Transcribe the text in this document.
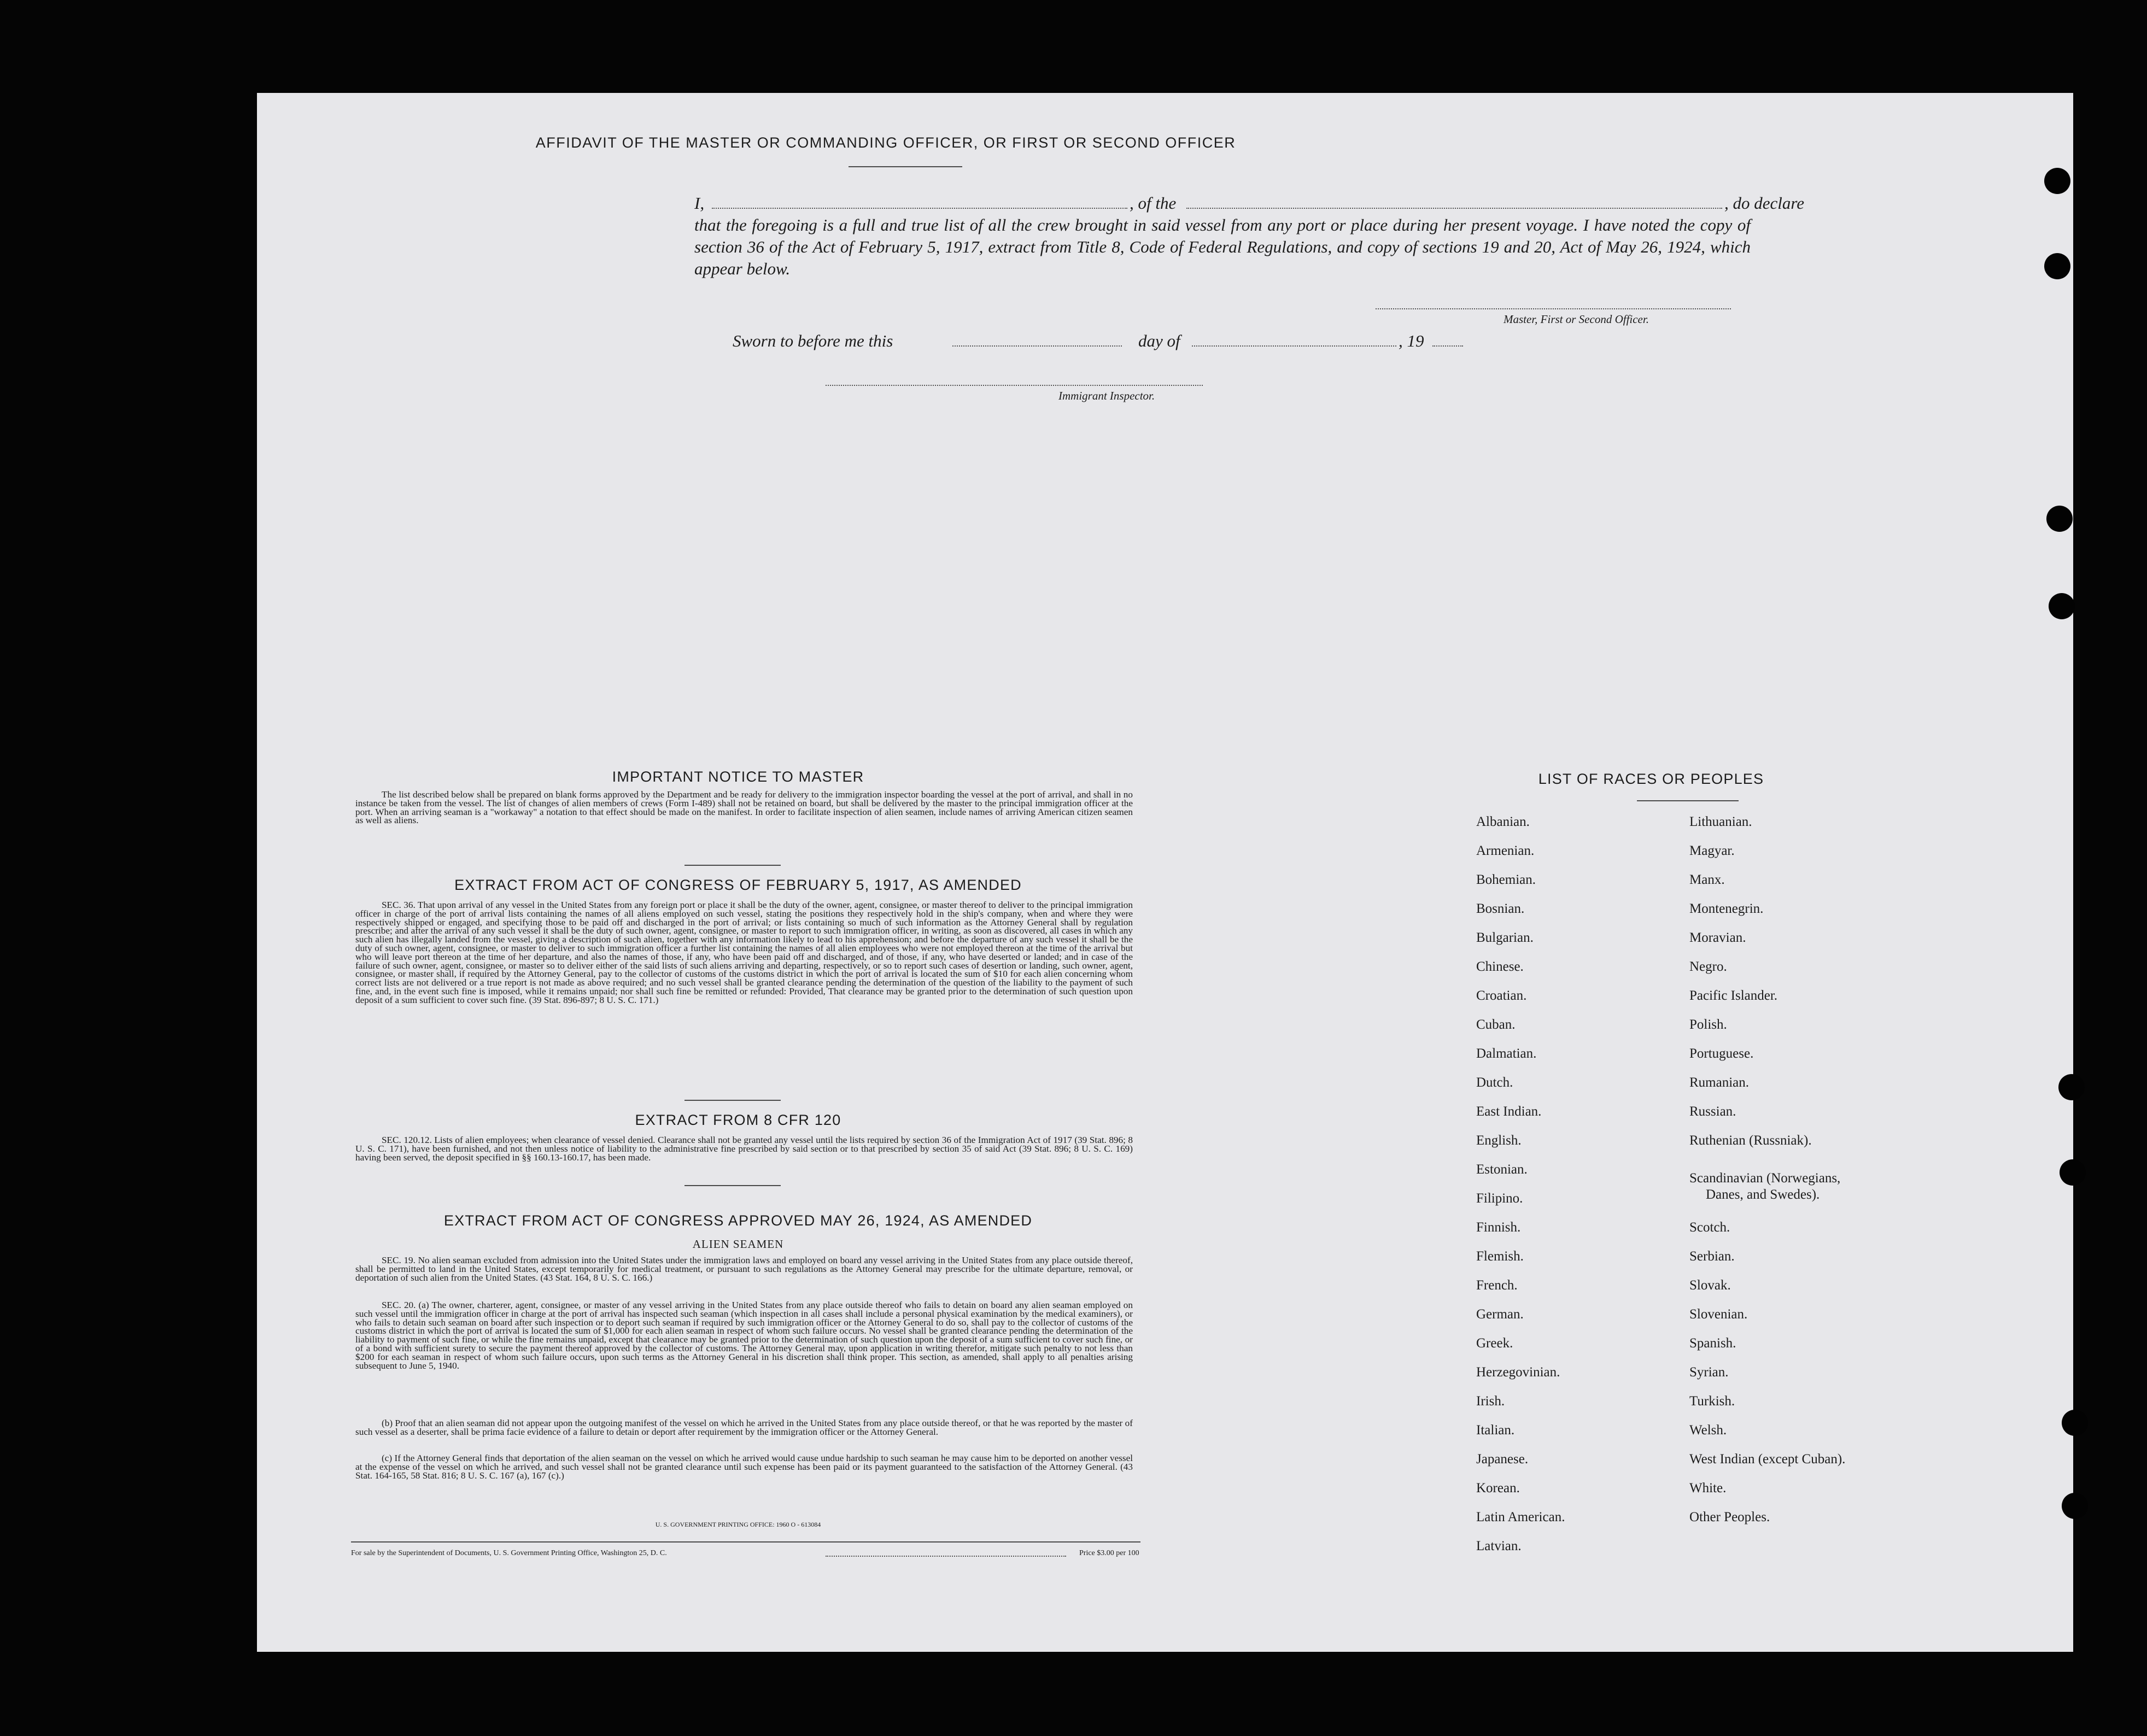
AFFIDAVIT OF THE MASTER OR COMMANDING OFFICER, OR FIRST OR SECOND OFFICER
I,	, of the	, do declare
that the foregoing is a full and true list of all the crew brought in said vessel from any port or place during her present voyage. I have noted the copy of section 36 of the Act of February 5, 1917, extract from Title 8, Code of Federal Regulations, and copy of sections 19 and 20, Act of May 26, 1924, which appear below.
Master, First or Second Officer.
Sworn to before me this	day of	, 19
Immigrant Inspector.
IMPORTANT NOTICE TO MASTER
The list described below shall be prepared on blank forms approved by the Department and be ready for delivery to the immigration inspector boarding the vessel at the port of arrival, and shall in no instance be taken from the vessel. The list of changes of alien members of crews (Form I-489) shall not be retained on board, but shall be delivered by the master to the principal immigration officer at the port. When an arriving seaman is a "workaway" a notation to that effect should be made on the manifest. In order to facilitate inspection of alien seamen, include names of arriving American citizen seamen as well as aliens.
EXTRACT FROM ACT OF CONGRESS OF FEBRUARY 5, 1917, AS AMENDED
SEC. 36. That upon arrival of any vessel in the United States from any foreign port or place it shall be the duty of the owner, agent, consignee, or master thereof to deliver to the principal immigration officer in charge of the port of arrival lists containing the names of all aliens employed on such vessel, stating the positions they respectively hold in the ship's company, when and where they were respectively shipped or engaged, and specifying those to be paid off and discharged in the port of arrival; or lists containing so much of such information as the Attorney General shall by regulation prescribe; and after the arrival of any such vessel it shall be the duty of such owner, agent, consignee, or master to report to such immigration officer, in writing, as soon as discovered, all cases in which any such alien has illegally landed from the vessel, giving a description of such alien, together with any information likely to lead to his apprehension; and before the departure of any such vessel it shall be the duty of such owner, agent, consignee, or master to deliver to such immigration officer a further list containing the names of all alien employees who were not employed thereon at the time of the arrival but who will leave port thereon at the time of her departure, and also the names of those, if any, who have been paid off and discharged, and of those, if any, who have deserted or landed; and in case of the failure of such owner, agent, consignee, or master so to deliver either of the said lists of such aliens arriving and departing, respectively, or so to report such cases of desertion or landing, such owner, agent, consignee, or master shall, if required by the Attorney General, pay to the collector of customs of the customs district in which the port of arrival is located the sum of $10 for each alien concerning whom correct lists are not delivered or a true report is not made as above required; and no such vessel shall be granted clearance pending the determination of the question of the liability to the payment of such fine, and, in the event such fine is imposed, while it remains unpaid; nor shall such fine be remitted or refunded: Provided, That clearance may be granted prior to the determination of such question upon deposit of a sum sufficient to cover such fine. (39 Stat. 896-897; 8 U. S. C. 171.)
EXTRACT FROM 8 CFR 120
SEC. 120.12. Lists of alien employees; when clearance of vessel denied. Clearance shall not be granted any vessel until the lists required by section 36 of the Immigration Act of 1917 (39 Stat. 896; 8 U. S. C. 171), have been furnished, and not then unless notice of liability to the administrative fine prescribed by said section or to that prescribed by section 35 of said Act (39 Stat. 896; 8 U. S. C. 169) having been served, the deposit specified in §§ 160.13-160.17, has been made.
EXTRACT FROM ACT OF CONGRESS APPROVED MAY 26, 1924, AS AMENDED
ALIEN SEAMEN
SEC. 19. No alien seaman excluded from admission into the United States under the immigration laws and employed on board any vessel arriving in the United States from any place outside thereof, shall be permitted to land in the United States, except temporarily for medical treatment, or pursuant to such regulations as the Attorney General may prescribe for the ultimate departure, removal, or deportation of such alien from the United States. (43 Stat. 164, 8 U. S. C. 166.)
SEC. 20. (a) The owner, charterer, agent, consignee, or master of any vessel arriving in the United States from any place outside thereof who fails to detain on board any alien seaman employed on such vessel until the immigration officer in charge at the port of arrival has inspected such seaman (which inspection in all cases shall include a personal physical examination by the medical examiners), or who fails to detain such seaman on board after such inspection or to deport such seaman if required by such immigration officer or the Attorney General to do so, shall pay to the collector of customs of the customs district in which the port of arrival is located the sum of $1,000 for each alien seaman in respect of whom such failure occurs. No vessel shall be granted clearance pending the determination of the liability to payment of such fine, or while the fine remains unpaid, except that clearance may be granted prior to the determination of such question upon the deposit of a sum sufficient to cover such fine, or of a bond with sufficient surety to secure the payment thereof approved by the collector of customs. The Attorney General may, upon application in writing therefor, mitigate such penalty to not less than $200 for each seaman in respect of whom such failure occurs, upon such terms as the Attorney General in his discretion shall think proper. This section, as amended, shall apply to all penalties arising subsequent to June 5, 1940.
(b) Proof that an alien seaman did not appear upon the outgoing manifest of the vessel on which he arrived in the United States from any place outside thereof, or that he was reported by the master of such vessel as a deserter, shall be prima facie evidence of a failure to detain or deport after requirement by the immigration officer or the Attorney General.
(c) If the Attorney General finds that deportation of the alien seaman on the vessel on which he arrived would cause undue hardship to such seaman he may cause him to be deported on another vessel at the expense of the vessel on which he arrived, and such vessel shall not be granted clearance until such expense has been paid or its payment guaranteed to the satisfaction of the Attorney General. (43 Stat. 164-165, 58 Stat. 816; 8 U. S. C. 167 (a), 167 (c).)
U. S. GOVERNMENT PRINTING OFFICE: 1960 O - 613084
For sale by the Superintendent of Documents, U. S. Government Printing Office, Washington 25, D. C.	Price $3.00 per 100
LIST OF RACES OR PEOPLES
Albanian.
Armenian.
Bohemian.
Bosnian.
Bulgarian.
Chinese.
Croatian.
Cuban.
Dalmatian.
Dutch.
East Indian.
English.
Estonian.
Filipino.
Finnish.
Flemish.
French.
German.
Greek.
Herzegovinian.
Irish.
Italian.
Japanese.
Korean.
Latin American.
Latvian.
Lithuanian.
Magyar.
Manx.
Montenegrin.
Moravian.
Negro.
Pacific Islander.
Polish.
Portuguese.
Rumanian.
Russian.
Ruthenian (Russniak).
Scandinavian (Norwegians,
Danes, and Swedes).
Scotch.
Serbian.
Slovak.
Slovenian.
Spanish.
Syrian.
Turkish.
Welsh.
West Indian (except Cuban).
White.
Other Peoples.
